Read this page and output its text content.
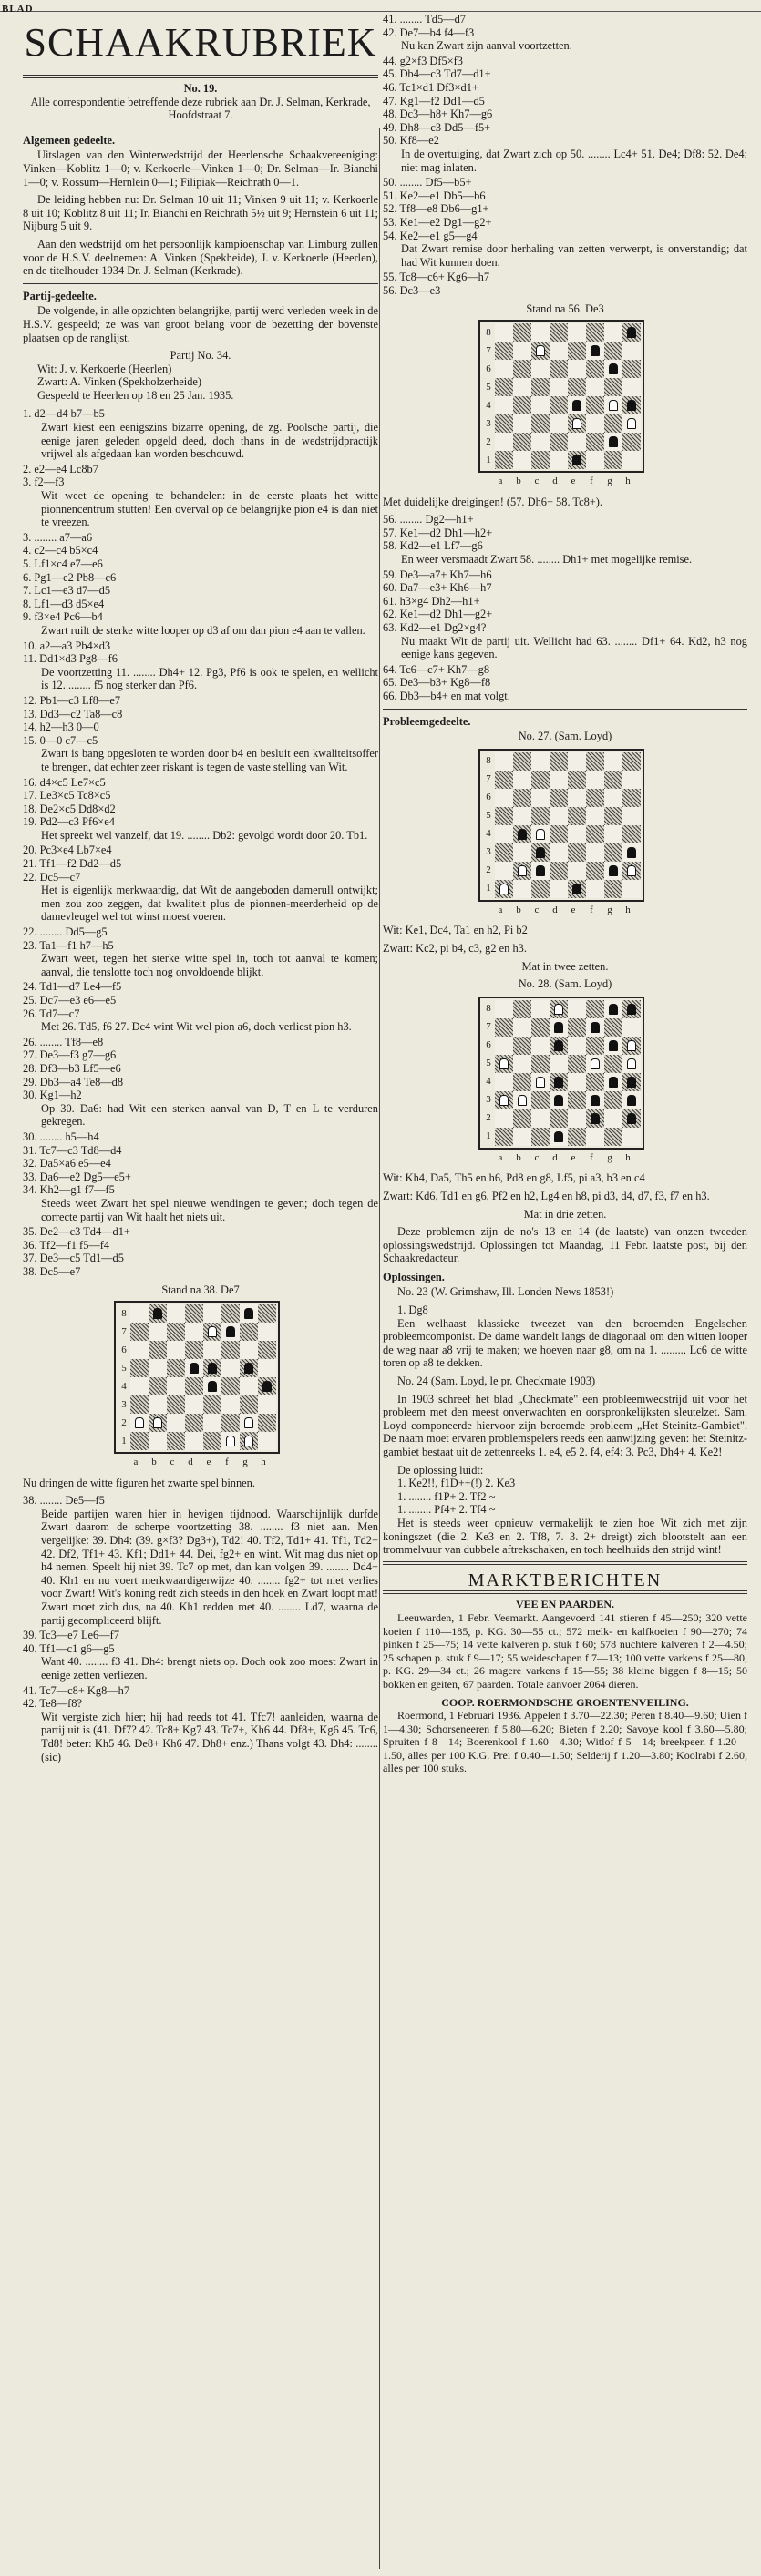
BLAD
SCHAAKRUBRIEK
No. 19.

Alle correspondentie betreffende deze rubriek aan Dr. J. Selman, Kerkrade, Hoofdstraat 7.

Algemeen gedeelte.

Uitslagen van den Winterwedstrijd der Heerlensche Schaakvereeniging: Vinken—Koblitz 1—0; v. Kerkoerle—Vinken 1—0; Dr. Selman—Ir. Bianchi 1—0; v. Rossum—Hernlein 0—1; Filipiak—Reichrath 0—1.

De leiding hebben nu: Dr. Selman 10 uit 11; Vinken 9 uit 11; v. Kerkoerle 8 uit 10; Koblitz 8 uit 11; Ir. Bianchi en Reichrath 5½ uit 9; Hernstein 6 uit 11; Nijburg 5 uit 9.

Aan den wedstrijd om het persoonlijk kampioenschap van Limburg zullen voor de H.S.V. deelnemen: A. Vinken (Spekheide), J. v. Kerkoerle (Heerlen), en de titelhouder 1934 Dr. J. Selman (Kerkrade).

Partij-gedeelte.

De volgende, in alle opzichten belangrijke, partij werd verleden week in de H.S.V. gespeeld; ze was van groot belang voor de bezetting der bovenste plaatsen op de ranglijst.

Partij No. 34.
Wit: J. v. Kerkoerle (Heerlen)
Zwart: A. Vinken (Spekholzerheide)
Gespeeld te Heerlen op 18 en 25 Jan. 1935.
1. d2—d4 b7—b5
Zwart kiest een eenigszins bizarre opening, de zg. Poolsche partij, die eenige jaren geleden opgeld deed, doch thans in de wedstrijdpractijk vrijwel als afgedaan kan worden beschouwd.
2. e2—e4 Lc8b7
3. f2—f3
Wit weet de opening te behandelen: in de eerste plaats het witte pionnencentrum stutten! Een overval op de belangrijke pion e4 is dan niet te vreezen.
3. ........ a7—a6
4. c2—c4 b5×c4
5. Lf1×c4 e7—e6
6. Pg1—e2 Pb8—c6
7. Lc1—e3 d7—d5
8. Lf1—d3 d5×e4
9. f3×e4 Pc6—b4
Zwart ruilt de sterke witte looper op d3 af om dan pion e4 aan te vallen.
10. a2—a3 Pb4×d3
11. Dd1×d3 Pg8—f6
De voortzetting 11. ........ Dh4+ 12. Pg3, Pf6 is ook te spelen, en wellicht is 12. ........ f5 nog sterker dan Pf6.
12. Pb1—c3 Lf8—e7
13. Dd3—c2 Ta8—c8
14. h2—h3 0—0
15. 0—0 c7—c5
Zwart is bang opgesloten te worden door b4 en besluit een kwaliteitsoffer te brengen, dat echter zeer riskant is tegen de vaste stelling van Wit.
16. d4×c5 Le7×c5
17. Le3×c5 Tc8×c5
18. De2×c5 Dd8×d2
19. Pd2—c3 Pf6×e4
Het spreekt wel vanzelf, dat 19. ........ Db2: gevolgd wordt door 20. Tb1.
20. Pc3×e4 Lb7×e4
21. Tf1—f2 Dd2—d5
22. Dc5—c7
Het is eigenlijk merkwaardig, dat Wit de aangeboden damerull ontwijkt; men zou zoo zeggen, dat kwaliteit plus de pionnen-meerderheid op de damevleugel wel tot winst moest voeren.
22. ........ Dd5—g5
23. Ta1—f1 h7—h5
Zwart weet, tegen het sterke witte spel in, toch tot aanval te komen; aanval, die tenslotte toch nog onvoldoende blijkt.
24. Td1—d7 Le4—f5
25. Dc7—e3 e6—e5
26. Td7—c7
Met 26. Td5, f6 27. Dc4 wint Wit wel pion a6, doch verliest pion h3.
26. ........ Tf8—e8
27. De3—f3 g7—g6
28. Df3—b3 Lf5—e6
29. Db3—a4 Te8—d8
30. Kg1—h2
Op 30. Da6: had Wit een sterken aanval van D, T en L te verduren gekregen.
30. ........ h5—h4
31. Tc7—c3 Td8—d4
32. Da5×a6 e5—e4
33. Da6—e2 Dg5—e5+
34. Kh2—g1 f7—f5
Steeds weet Zwart het spel nieuwe wendingen te geven; doch tegen de correcte partij van Wit haalt het niets uit.
35. De2—c3 Td4—d1+
36. Tf2—f1 f5—f4
37. De3—c5 Td1—d5
38. Dc5—e7
Stand na 38. De7
8
7
6
5
4
3
2
1
a	b	c	d	e	f	g	h

Nu dringen de witte figuren het zwarte spel binnen.

38. ........ De5—f5
Beide partijen waren hier in hevigen tijdnood. Waarschijnlijk durfde Zwart daarom de scherpe voortzetting 38. ........ f3 niet aan. Men vergelijke: 39. Dh4: (39. g×f3? Dg3+), Td2! 40. Tf2, Td1+ 41. Tf1, Td2+ 42. Df2, Tf1+ 43. Kf1; Dd1+ 44. Dei, fg2+ en wint. Wit mag dus niet op h4 nemen. Speelt hij niet 39. Tc7 op met, dan kan volgen 39. ........ Dd4+ 40. Kh1 en nu voert merkwaardigerwijze 40. ........ fg2+ tot niet verlies voor Zwart! Wit's koning redt zich steeds in den hoek en Zwart loopt mat! Zwart moet zich dus, na 40. Kh1 redden met 40. ........ Ld7, waarna de partij gecompliceerd blijft.
39. Tc3—e7 Le6—f7
40. Tf1—c1 g6—g5
Want 40. ........ f3 41. Dh4: brengt niets op. Doch ook zoo moest Zwart in eenige zetten verliezen.
41. Tc7—c8+ Kg8—h7
42. Te8—f8?
Wit vergiste zich hier; hij had reeds tot 41. Tfc7! aanleiden, waarna de partij uit is (41. Df7? 42. Tc8+ Kg7 43. Tc7+, Kh6 44. Df8+, Kg6 45. Tc6, Td8! beter: Kh5 46. De8+ Kh6 47. Dh8+ enz.) Thans volgt 43. Dh4: ........ (sic)
41. ........ Td5—d7
42. De7—b4 f4—f3
Nu kan Zwart zijn aanval voortzetten.
44. g2×f3 Df5×f3
45. Db4—c3 Td7—d1+
46. Tc1×d1 Df3×d1+
47. Kg1—f2 Dd1—d5
48. Dc3—h8+ Kh7—g6
49. Dh8—c3 Dd5—f5+
50. Kf8—e2
In de overtuiging, dat Zwart zich op 50. ........ Lc4+ 51. De4; Df8: 52. De4: niet mag inlaten.
50. ........ Df5—b5+
51. Ke2—e1 Db5—b6
52. Tf8—e8 Db6—g1+
53. Ke1—e2 Dg1—g2+
54. Ke2—e1 g5—g4
Dat Zwart remise door herhaling van zetten verwerpt, is onverstandig; dat had Wit kunnen doen.
55. Tc8—c6+ Kg6—h7
56. Dc3—e3
Stand na 56. De3
8
7
6
5
4
3
2
1
a	b	c	d	e	f	g	h

Met duidelijke dreigingen! (57. Dh6+ 58. Tc8+).

56. ........ Dg2—h1+
57. Ke1—d2 Dh1—h2+
58. Kd2—e1 Lf7—g6
En weer versmaadt Zwart 58. ........ Dh1+ met mogelijke remise.
59. De3—a7+ Kh7—h6
60. Da7—e3+ Kh6—h7
61. h3×g4 Dh2—h1+
62. Ke1—d2 Dh1—g2+
63. Kd2—e1 Dg2×g4?
Nu maakt Wit de partij uit. Wellicht had 63. ........ Df1+ 64. Kd2, h3 nog eenige kans gegeven.
64. Tc6—c7+ Kh7—g8
65. De3—b3+ Kg8—f8
66. Db3—b4+ en mat volgt.
Probleemgedeelte.
No. 27. (Sam. Loyd)
8
7
6
5
4
3
2
1
a	b	c	d	e	f	g	h

Wit: Ke1, Dc4, Ta1 en h2, Pi b2

Zwart: Kc2, pi b4, c3, g2 en h3.

Mat in twee zetten.

No. 28. (Sam. Loyd)
8
7
6
5
4
3
2
1
a	b	c	d	e	f	g	h

Wit: Kh4, Da5, Th5 en h6, Pd8 en g8, Lf5, pi a3, b3 en c4

Zwart: Kd6, Td1 en g6, Pf2 en h2, Lg4 en h8, pi d3, d4, d7, f3, f7 en h3.

Mat in drie zetten.

Deze problemen zijn de no's 13 en 14 (de laatste) van onzen tweeden oplossingswedstrijd. Oplossingen tot Maandag, 11 Febr. laatste post, bij den Schaakredacteur.

Oplossingen.

No. 23 (W. Grimshaw, Ill. Londen News 1853!)

1. Dg8

Een welhaast klassieke tweezet van den beroemden Engelschen probleemcomponist. De dame wandelt langs de diagonaal om den witten looper de weg naar a8 vrij te maken; we hoeven naar g8, om na 1. ........, Lc6 de witte toren op a8 te dekken.

No. 24 (Sam. Loyd, le pr. Checkmate 1903)

In 1903 schreef het blad „Checkmate" een probleemwedstrijd uit voor het probleem met den meest onverwachten en oorspronkelijksten sleutelzet. Sam. Loyd componeerde hiervoor zijn beroemde probleem „Het Steinitz-Gambiet". De naam moet ervaren problemspelers reeds een aanwijzing geven: het Steinitz-gambiet bestaat uit de zettenreeks 1. e4, e5 2. f4, ef4: 3. Pc3, Dh4+ 4. Ke2!

De oplossing luidt:
1. Ke2!!, f1D++(!) 2. Ke3
1. ........ f1P+ 2. Tf2 ~
1. ........ Pf4+ 2. Tf4 ~

Het is steeds weer opnieuw vermakelijk te zien hoe Wit zich met zijn koningszet (die 2. Ke3 en 2. Tf8, 7. 3. 2+ dreigt) zich blootstelt aan een trommelvuur van dubbele aftrekschaken, en toch heelhuids den strijd wint!

MARKTBERICHTEN
VEE EN PAARDEN.

Leeuwarden, 1 Febr. Veemarkt. Aangevoerd 141 stieren f 45—250; 320 vette koeien f 110—185, p. KG. 30—55 ct.; 572 melk- en kalfkoeien f 90—270; 74 pinken f 25—75; 14 vette kalveren p. stuk f 60; 578 nuchtere kalveren f 2—4.50; 25 schapen p. stuk f 9—17; 55 weideschapen f 7—13; 100 vette varkens f 25—80, p. KG. 29—34 ct.; 26 magere varkens f 15—55; 38 kleine biggen f 8—15; 50 bokken en geiten, 67 paarden. Totale aanvoer 2064 dieren.

COOP. ROERMONDSCHE GROENTENVEILING.

Roermond, 1 Februari 1936. Appelen f 3.70—22.30; Peren f 8.40—9.60; Uien f 1—4.30; Schorseneeren f 5.80—6.20; Bieten f 2.20; Savoye kool f 3.60—5.80; Spruiten f 8—14; Boerenkool f 1.60—4.30; Witlof f 5—14; breekpeen f 1.20—1.50, alles per 100 K.G. Prei f 0.40—1.50; Selderij f 1.20—3.80; Koolrabi f 2.60, alles per 100 stuks.
